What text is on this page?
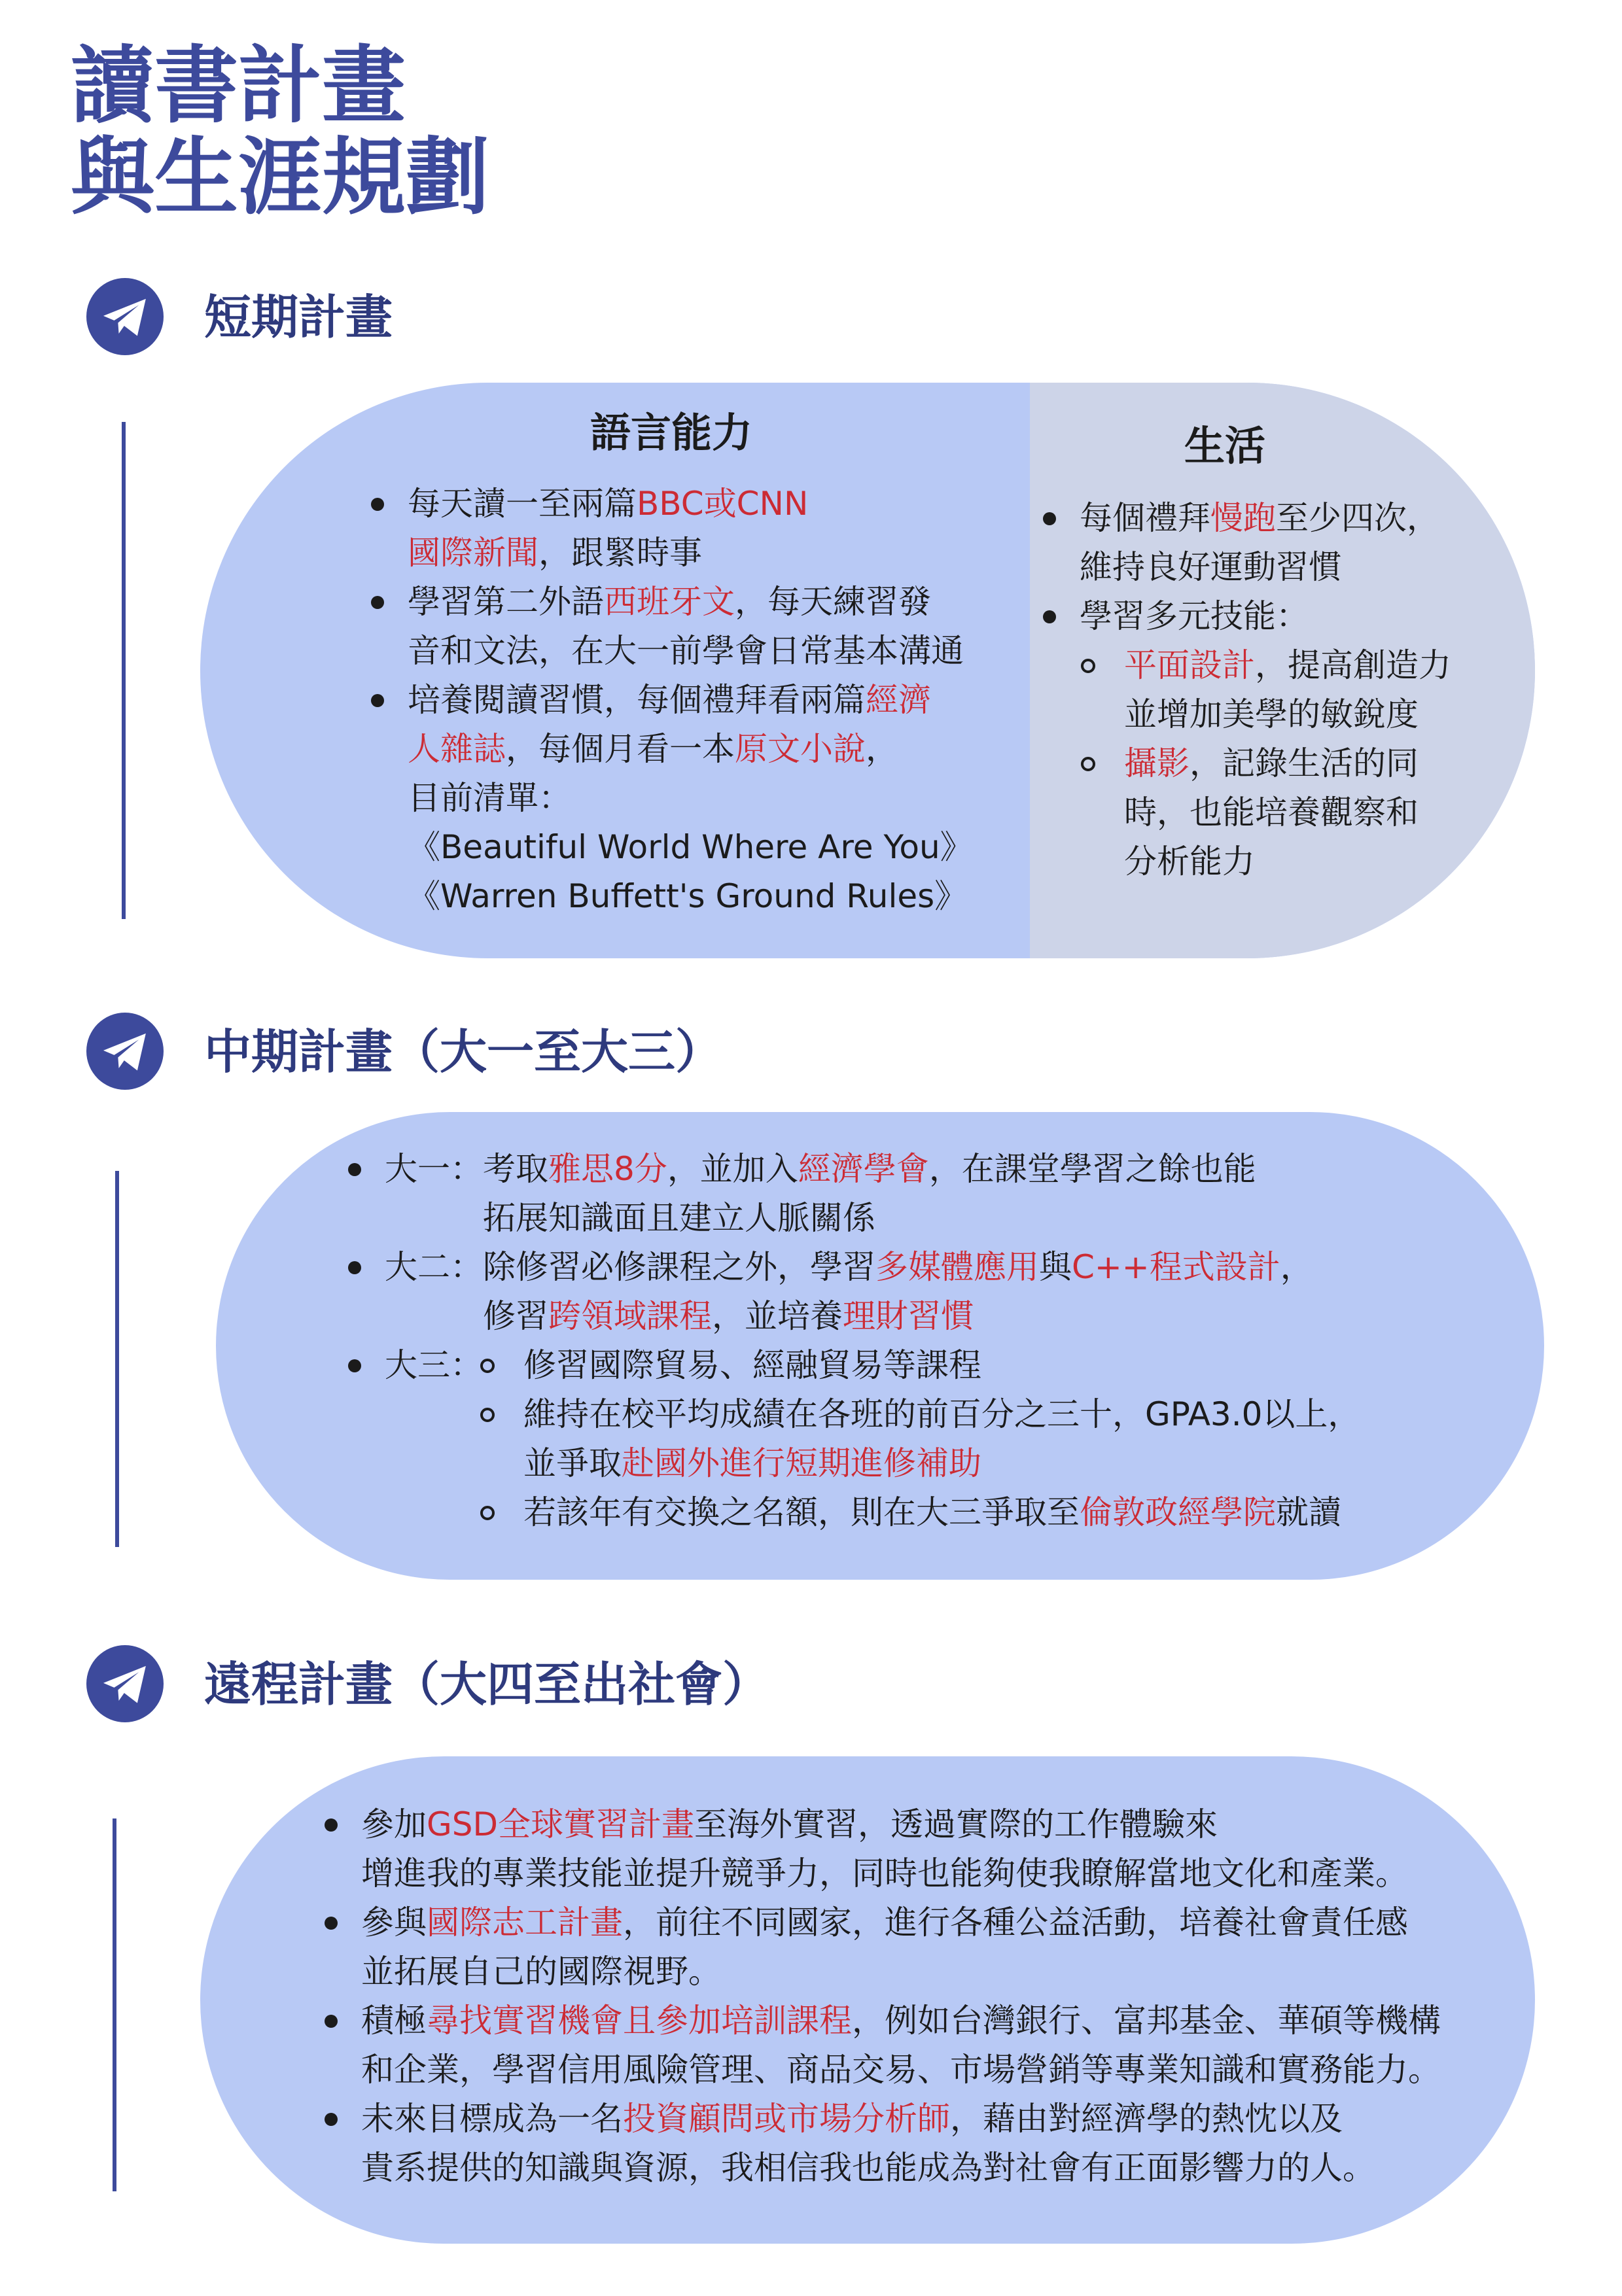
讀書計畫
與生涯規劃
短期計畫
語言能力
每天讀一至兩篇BBC或CNN
國際新聞，跟緊時事
學習第二外語西班牙文，每天練習發
音和文法，在大一前學會日常基本溝通
培養閱讀習慣，每個禮拜看兩篇經濟
人雜誌，每個月看一本原文小說，
目前清單：
《Beautiful World Where Are You》
《Warren Buffett's Ground Rules》
生活
每個禮拜慢跑至少四次，
維持良好運動習慣
學習多元技能：
平面設計，提高創造力
並增加美學的敏銳度
攝影，記錄生活的同
時，也能培養觀察和
分析能力
中期計畫（大一至大三）
大一： 考取雅思8分，並加入經濟學會，在課堂學習之餘也能
拓展知識面且建立人脈關係
大二： 除修習必修課程之外，學習多媒體應用與C++程式設計，
修習跨領域課程，並培養理財習慣
大三： 修習國際貿易、經融貿易等課程
維持在校平均成績在各班的前百分之三十，GPA3.0以上，
並爭取赴國外進行短期進修補助
若該年有交換之名額，則在大三爭取至倫敦政經學院就讀
遠程計畫（大四至出社會）
參加GSD全球實習計畫至海外實習，透過實際的工作體驗來
增進我的專業技能並提升競爭力，同時也能夠使我瞭解當地文化和產業。
參與國際志工計畫，前往不同國家，進行各種公益活動，培養社會責任感
並拓展自己的國際視野。
積極尋找實習機會且參加培訓課程，例如台灣銀行、富邦基金、華碩等機構
和企業，學習信用風險管理、商品交易、市場營銷等專業知識和實務能力。
未來目標成為一名投資顧問或市場分析師，藉由對經濟學的熱忱以及
貴系提供的知識與資源，我相信我也能成為對社會有正面影響力的人。
